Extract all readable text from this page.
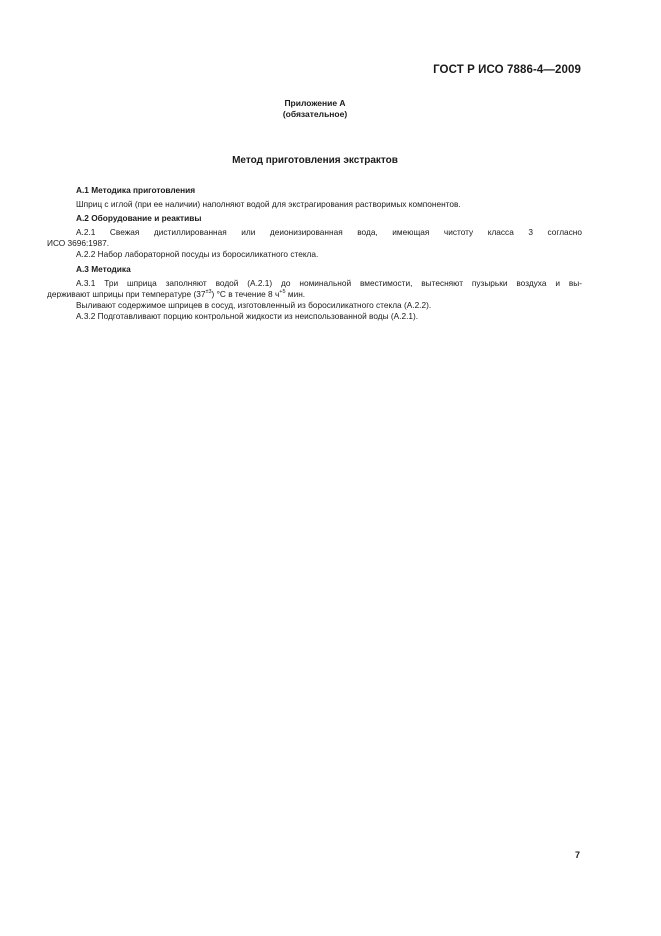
ГОСТ Р ИСО 7886-4—2009
Приложение А
(обязательное)
Метод приготовления экстрактов
А.1 Методика приготовления
Шприц с иглой (при ее наличии) наполняют водой для экстрагирования растворимых компонентов.
А.2 Оборудование и реактивы
А.2.1 Свежая дистиллированная или деионизированная вода, имеющая чистоту класса 3 согласно
ИСО 3696:1987.
А.2.2 Набор лабораторной посуды из боросиликатного стекла.
А.3 Методика
А.3.1 Три шприца заполняют водой (А.2.1) до номинальной вместимости, вытесняют пузырьки воздуха и вы-
держивают шприцы при температуре $(37^{\pm 3})$ °С в течение 8 $ч^{+5}$ мин.
Выливают содержимое шприцев в сосуд, изготовленный из боросиликатного стекла (А.2.2).
А.3.2 Подготавливают порцию контрольной жидкости из неиспользованной воды (А.2.1).
7
